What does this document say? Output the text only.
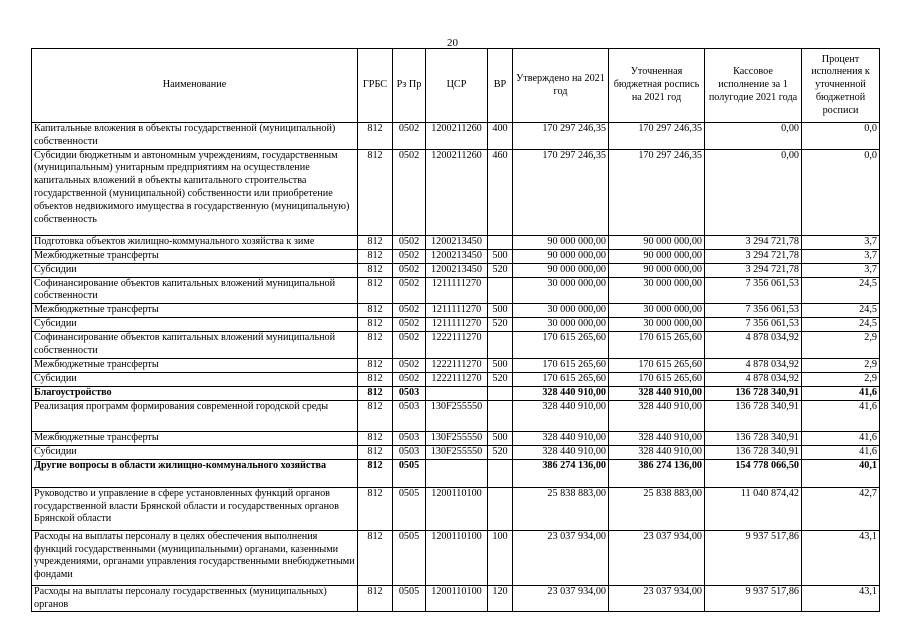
20
Наименование	ГРБС	Рз Пр	ЦСР	ВР	Утверждено на 2021 год	Уточненная бюджетная роспись на 2021 год	Кассовое исполнение за 1 полугодие 2021 года	Процент исполнения к уточненной бюджетной росписи
Капитальные вложения в объекты государственной (муниципальной) собственности	812	0502	1200211260	400	170 297 246,35	170 297 246,35	0,00	0,0
Субсидии бюджетным и автономным учреждениям, государственным (муниципальным) унитарным предприятиям на осуществление капитальных вложений в объекты капитального строительства государственной (муниципальной) собственности или приобретение объектов недвижимого имущества в государственную (муниципальную) собственность	812	0502	1200211260	460	170 297 246,35	170 297 246,35	0,00	0,0
Подготовка объектов жилищно-коммунального хозяйства к зиме	812	0502	1200213450		90 000 000,00	90 000 000,00	3 294 721,78	3,7
Межбюджетные трансферты	812	0502	1200213450	500	90 000 000,00	90 000 000,00	3 294 721,78	3,7
Субсидии	812	0502	1200213450	520	90 000 000,00	90 000 000,00	3 294 721,78	3,7
Софинансирование объектов капитальных вложений муниципальной собственности	812	0502	1211111270		30 000 000,00	30 000 000,00	7 356 061,53	24,5
Межбюджетные трансферты	812	0502	1211111270	500	30 000 000,00	30 000 000,00	7 356 061,53	24,5
Субсидии	812	0502	1211111270	520	30 000 000,00	30 000 000,00	7 356 061,53	24,5
Софинансирование объектов капитальных вложений муниципальной собственности	812	0502	1222111270		170 615 265,60	170 615 265,60	4 878 034,92	2,9
Межбюджетные трансферты	812	0502	1222111270	500	170 615 265,60	170 615 265,60	4 878 034,92	2,9
Субсидии	812	0502	1222111270	520	170 615 265,60	170 615 265,60	4 878 034,92	2,9
Благоустройство	812	0503			328 440 910,00	328 440 910,00	136 728 340,91	41,6
Реализация программ формирования современной городской среды	812	0503	130F255550		328 440 910,00	328 440 910,00	136 728 340,91	41,6
Межбюджетные трансферты	812	0503	130F255550	500	328 440 910,00	328 440 910,00	136 728 340,91	41,6
Субсидии	812	0503	130F255550	520	328 440 910,00	328 440 910,00	136 728 340,91	41,6
Другие вопросы в области жилищно-коммунального хозяйства	812	0505			386 274 136,00	386 274 136,00	154 778 066,50	40,1
Руководство и управление в сфере установленных функций органов государственной власти Брянской области и государственных органов Брянской области	812	0505	1200110100		25 838 883,00	25 838 883,00	11 040 874,42	42,7
Расходы на выплаты персоналу в целях обеспечения выполнения функций государственными (муниципальными) органами, казенными учреждениями, органами управления государственными внебюджетными фондами	812	0505	1200110100	100	23 037 934,00	23 037 934,00	9 937 517,86	43,1
Расходы на выплаты персоналу государственных (муниципальных) органов	812	0505	1200110100	120	23 037 934,00	23 037 934,00	9 937 517,86	43,1
